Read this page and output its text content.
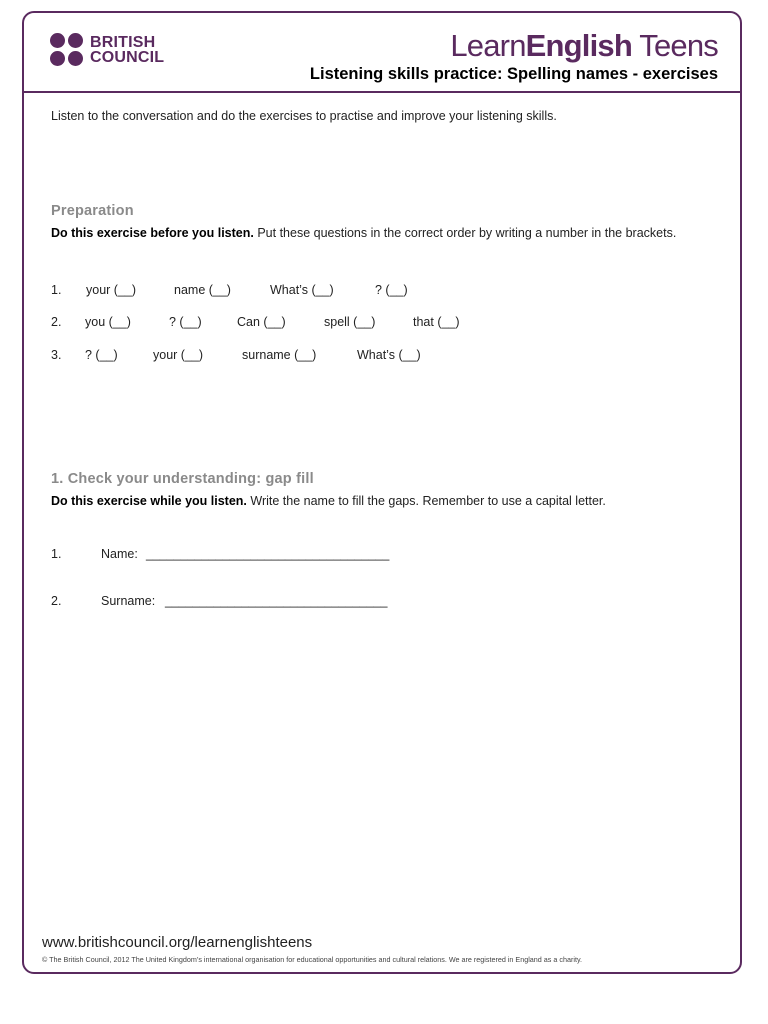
BRITISH
COUNCIL	LearnEnglish Teens
Listening skills practice: Spelling names - exercises
Listen to the conversation and do the exercises to practise and improve your listening skills.
Preparation
Do this exercise before you listen. Put these questions in the correct order by writing a number in the brackets.
1. your (__)	name (__)	What’s (__)	? (__)
2. you (__)	? (__)	Can (__)	spell (__)	that (__)
3. ? (__)	your (__)	surname (__)	What’s (__)
1. Check your understanding: gap fill
Do this exercise while you listen. Write the name to fill the gaps. Remember to use a capital letter.
1.	Name: ___________________________________
2.	Surname: ________________________________
www.britishcouncil.org/learnenglishteens
© The British Council, 2012 The United Kingdom’s international organisation for educational opportunities and cultural relations. We are registered in England as a charity.
